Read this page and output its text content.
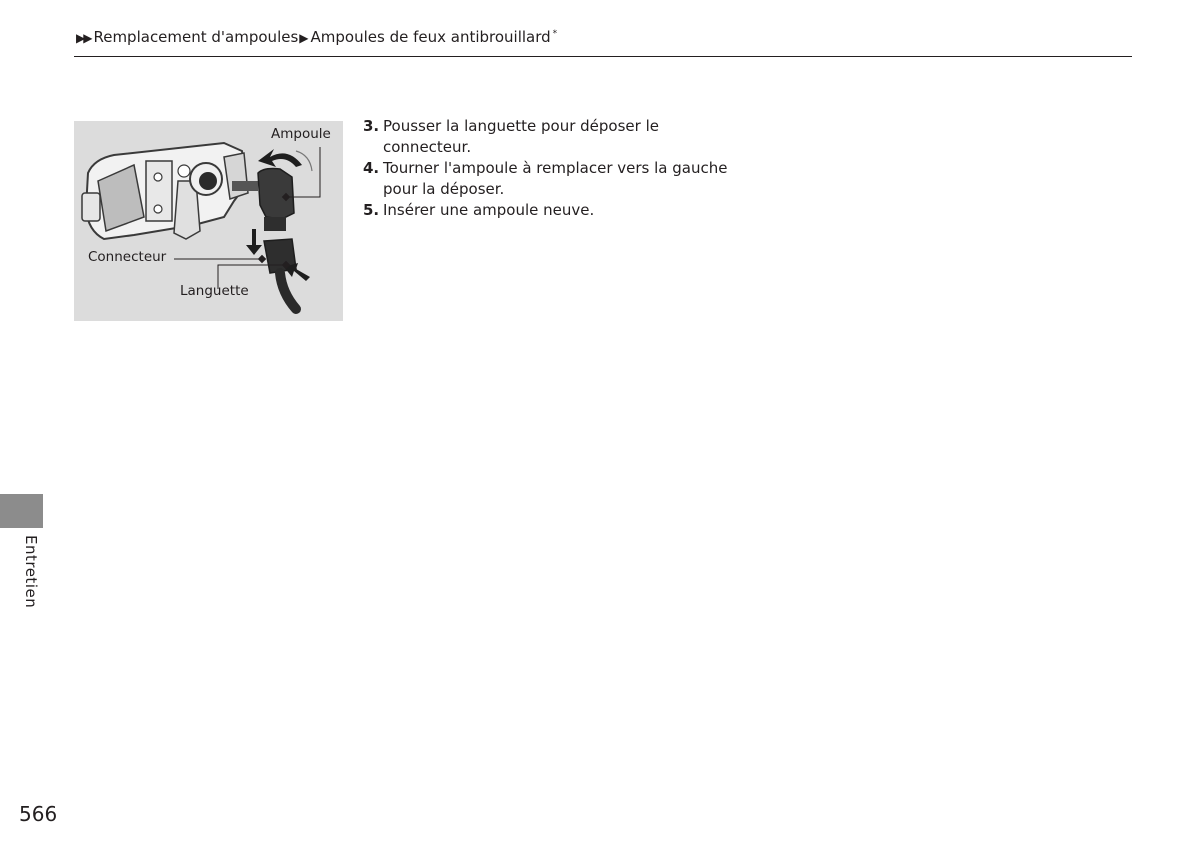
▶▶ Remplacement d'ampoules▶ Ampoules de feux antibrouillard *
Ampoule
Connecteur
Languette
3. Pousser la languette pour déposer le connecteur.
4. Tourner l'ampoule à remplacer vers la gauche pour la déposer.
5. Insérer une ampoule neuve.
Entretien
566
